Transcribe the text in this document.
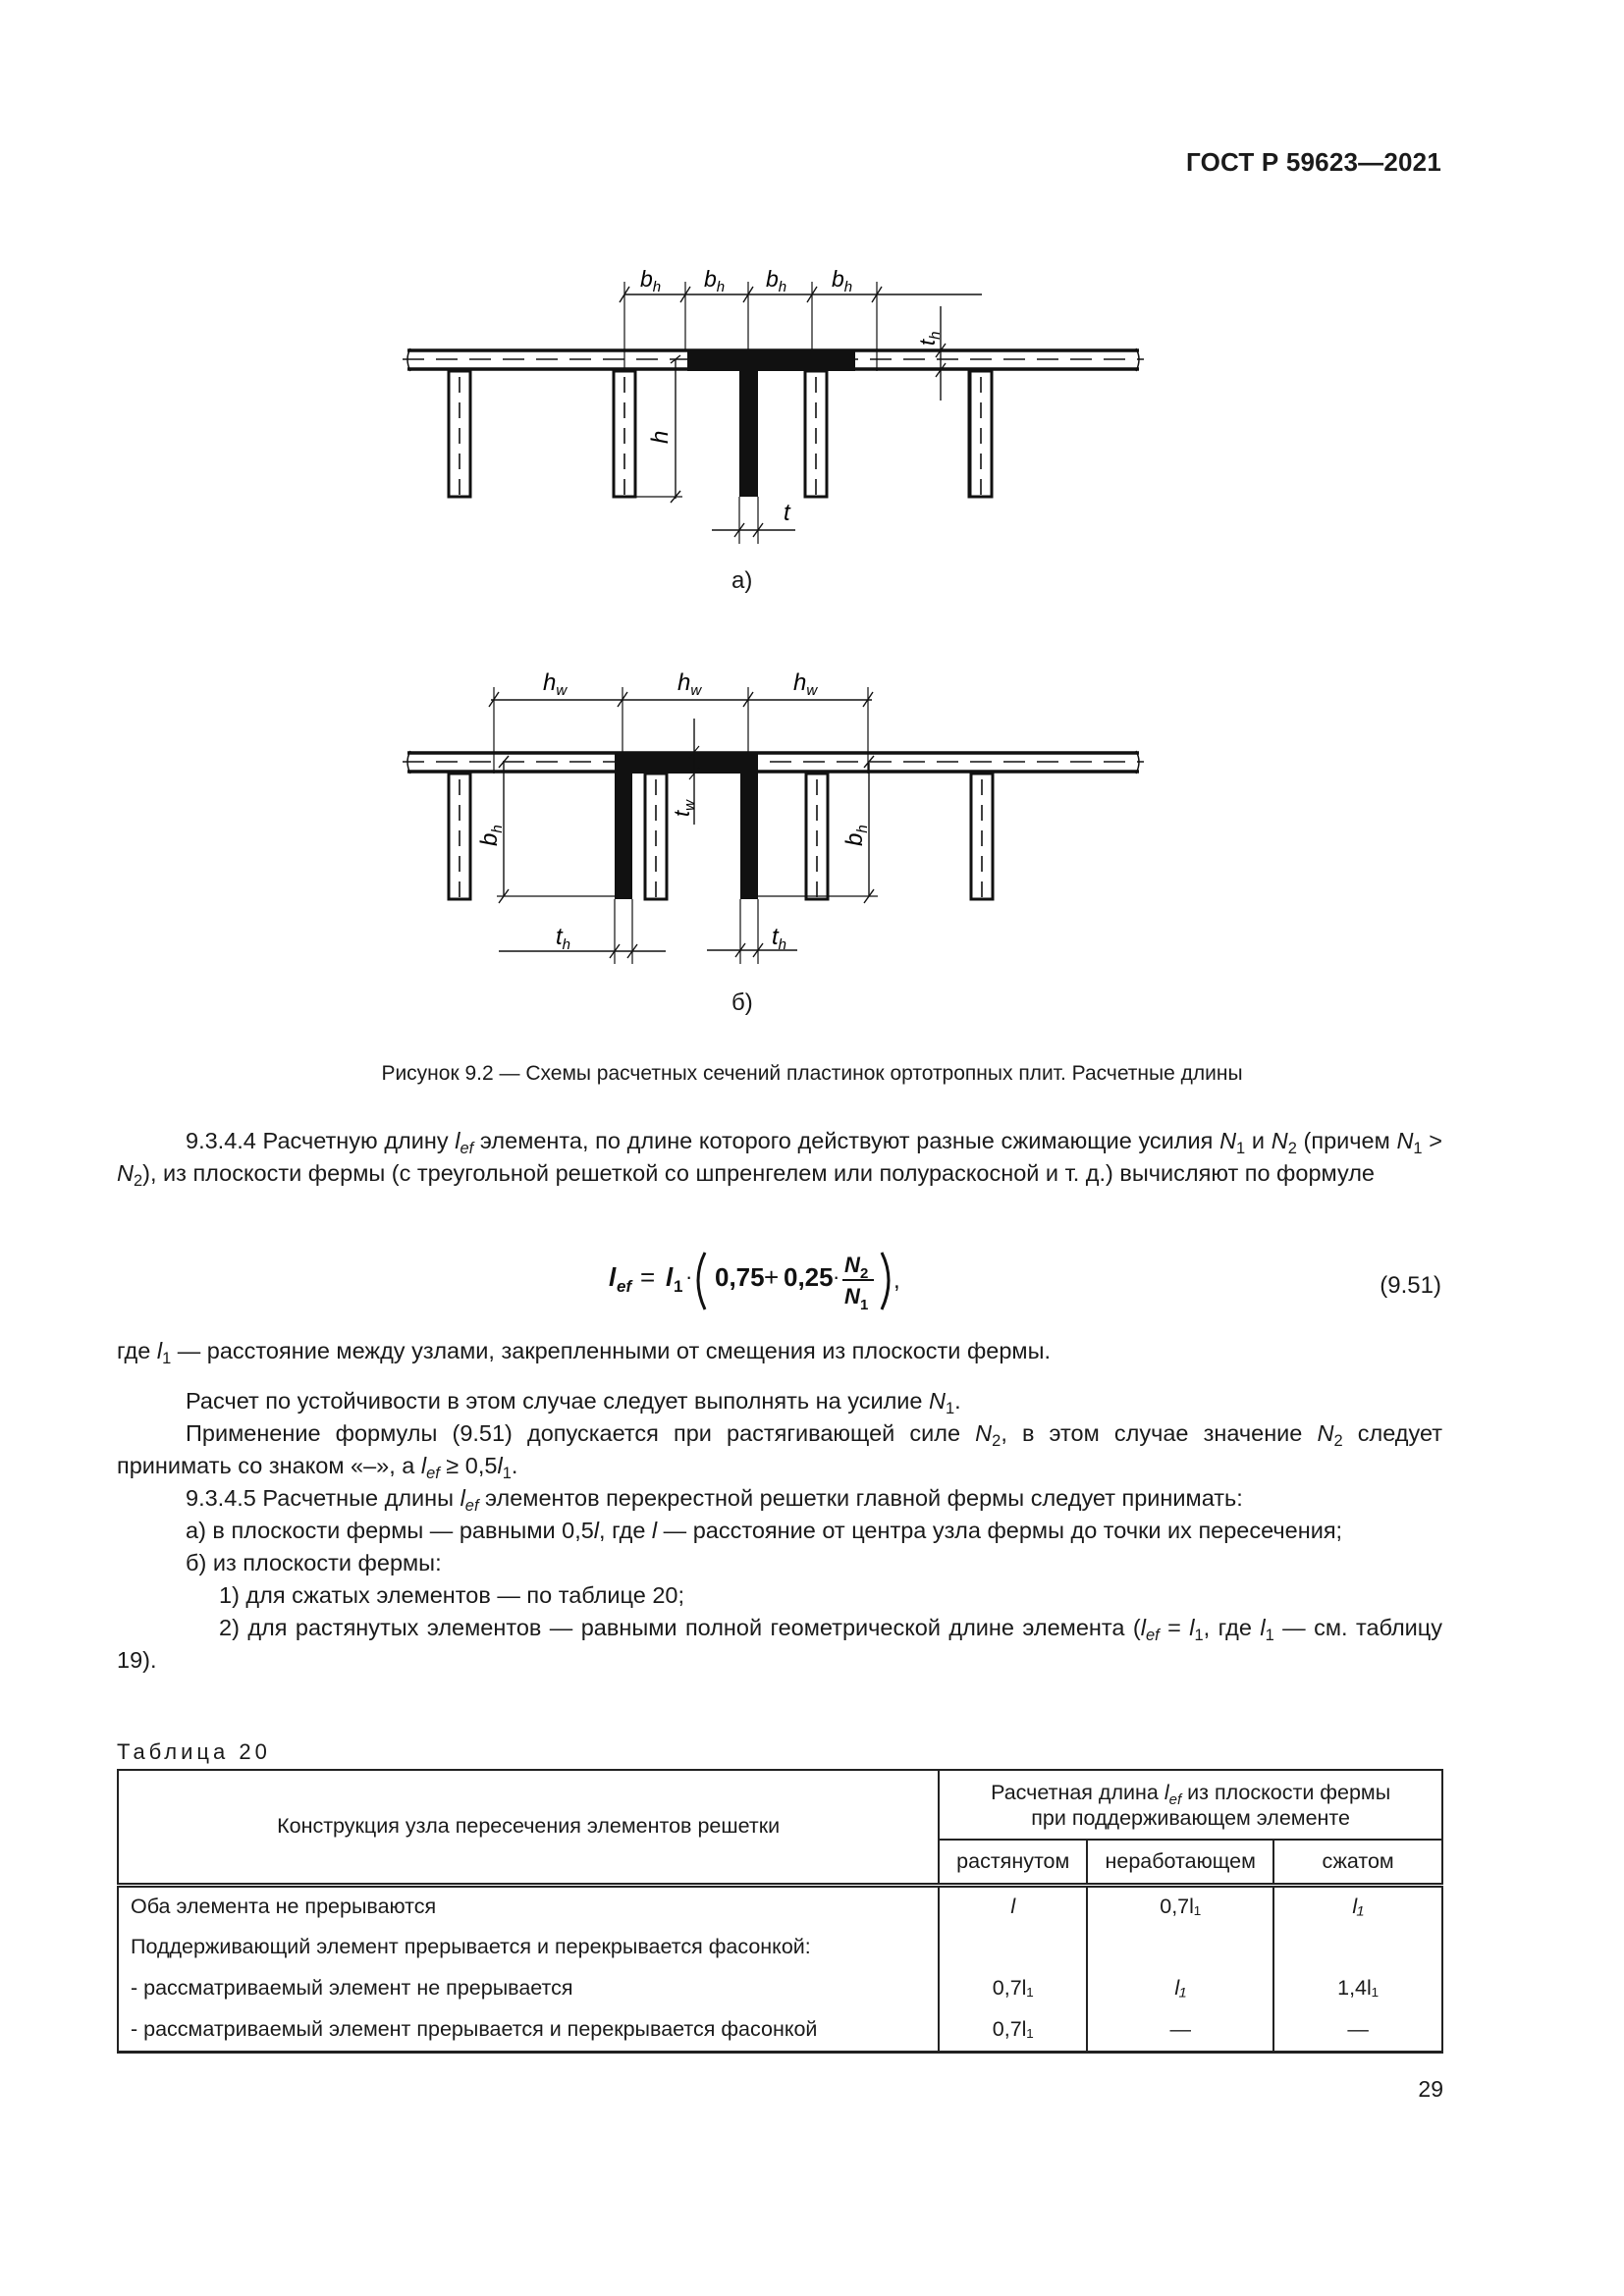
ГОСТ Р 59623—2021
$b_h$ $b_h$ $b_h$ $b_h$
$t_h$
h
t
$h_w$	$h_w$	$h_w$
$t_w$
$b_h$
$b_h$
$t_h$	$t_h$
а)
б)
Рисунок 9.2 — Схемы расчетных сечений пластинок ортотропных плит. Расчетные длины

9.3.4.4 Расчетную длину $l_{ef}$ элемента, по длине которого действуют разные сжимающие усилия $N_1$ и $N_2$ (причем $N_1 > N_2$), из плоскости фермы (с треугольной решеткой со шпренгелем или полураскосной и т. д.) вычисляют по формуле

l ef = l 1 · 0,75 + 0,25 · N 2
N 1
,	(9.51)

где $l_1$ — расстояние между узлами, закрепленными от смещения из плоскости фермы.

Расчет по устойчивости в этом случае следует выполнять на усилие $N_1$.

Применение формулы (9.51) допускается при растягивающей силе $N_2$, в этом случае значение $N_2$ следует принимать со знаком «–», а $l_{ef} \ge 0,5l_1$.

9.3.4.5 Расчетные длины $l_{ef}$ элементов перекрестной решетки главной фермы следует принимать:

а) в плоскости фермы — равными 0,5l, где l — расстояние от центра узла фермы до точки их пересечения;

б) из плоскости фермы:

1) для сжатых элементов — по таблице 20;

2) для растянутых элементов — равными полной геометрической длине элемента ($l_{ef} = l_1$, где $l_1$ — см. таблицу 19).

Таблица 20
Конструкция узла пересечения элементов решетки	Расчетная длина $l_{ef}$ из плоскости фермы
при поддерживающем элементе		
	растянутом	неработающем	сжатом
Оба элемента не прерываются	l	0,7l₁	l₁
Поддерживающий элемент прерывается и перекрывается фасонкой:			
- рассматриваемый элемент не прерывается	0,7l₁	l₁	1,4l₁
- рассматриваемый элемент прерывается и перекрывается фасонкой	0,7l₁	—	—
29
